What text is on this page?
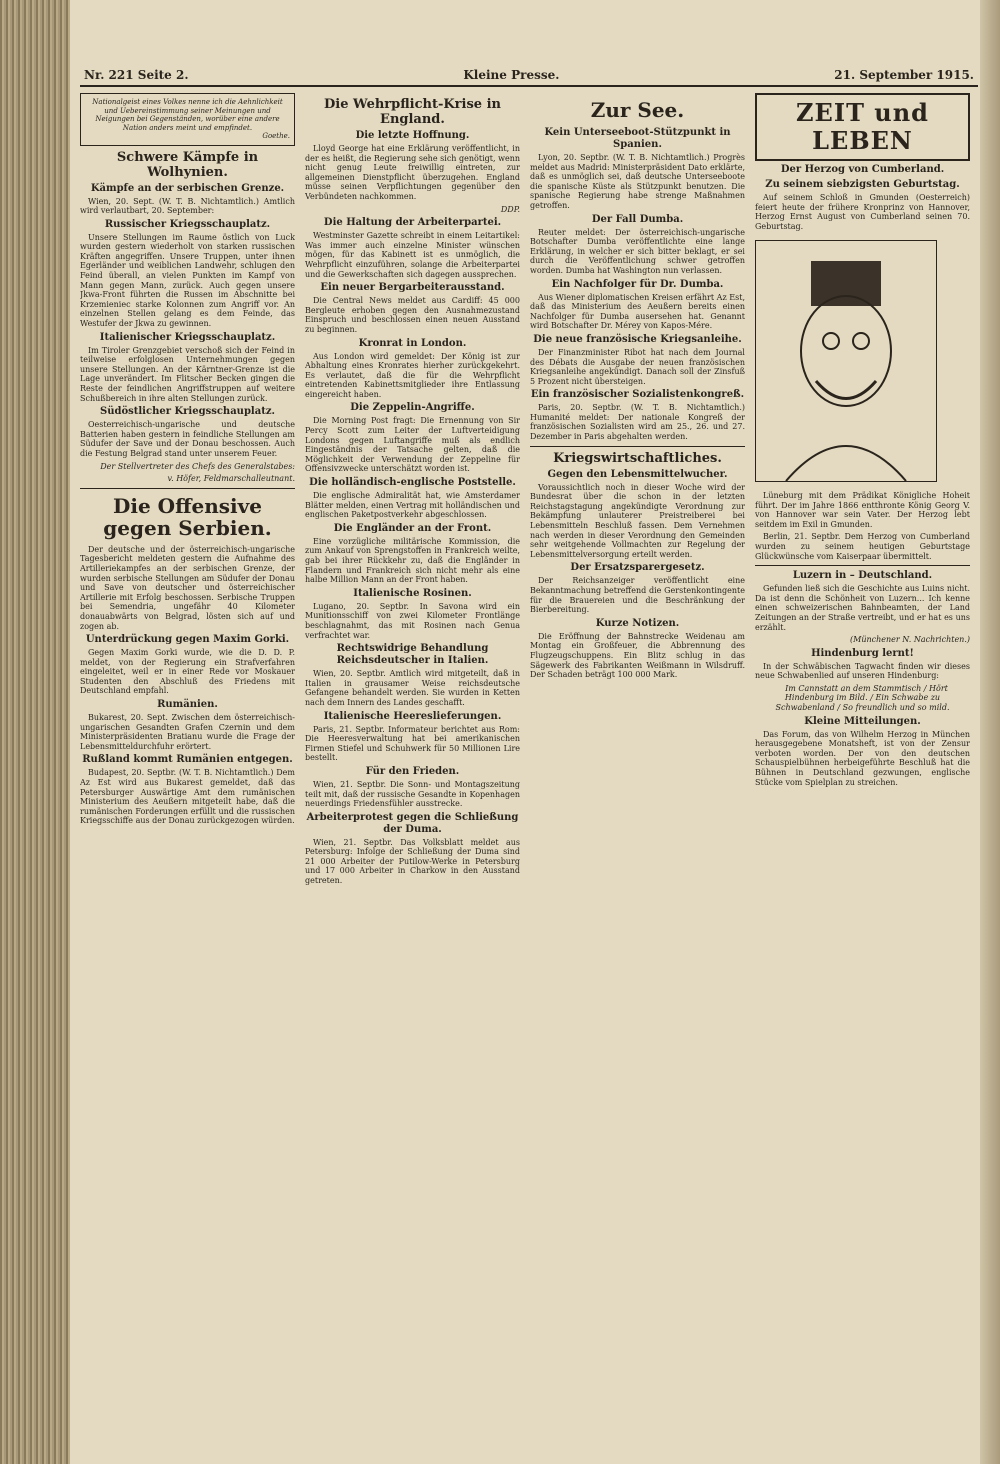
Nr. 221 Seite 2.	Kleine Presse.	21. September 1915.
Nationalgeist eines Volkes nenne ich die Aehnlichkeit und Uebereinstimmung seiner Meinungen und Neigungen bei Gegenständen, worüber eine andere Nation anders meint und empfindet.
Goethe.
Schwere Kämpfe in Wolhynien.
Kämpfe an der serbischen Grenze.

Wien, 20. Sept. (W. T. B. Nichtamtlich.) Amtlich wird verlautbart, 20. September:

Russischer Kriegsschauplatz.

Unsere Stellungen im Raume östlich von Luck wurden gestern wiederholt von starken russischen Kräften angegriffen. Unsere Truppen, unter ihnen Egerländer und weiblichen Landwehr, schlugen den Feind überall, an vielen Punkten im Kampf von Mann gegen Mann, zurück. Auch gegen unsere Jkwa-Front führten die Russen im Abschnitte bei Krzemieniec starke Kolonnen zum Angriff vor. An einzelnen Stellen gelang es dem Feinde, das Westufer der Jkwa zu gewinnen.

Italienischer Kriegsschauplatz.

Im Tiroler Grenzgebiet verschoß sich der Feind in teilweise erfolglosen Unternehmungen gegen unsere Stellungen. An der Kärntner-Grenze ist die Lage unverändert. Im Flitscher Becken gingen die Reste der feindlichen Angriffstruppen auf weitere Schußbereich in ihre alten Stellungen zurück.

Südöstlicher Kriegsschauplatz.

Oesterreichisch-ungarische und deutsche Batterien haben gestern in feindliche Stellungen am Südufer der Save und der Donau beschossen. Auch die Festung Belgrad stand unter unserem Feuer.

Der Stellvertreter des Chefs des Generalstabes:

v. Höfer, Feldmarschalleutnant.

Die Offensive gegen Serbien.

Der deutsche und der österreichisch-ungarische Tagesbericht meldeten gestern die Aufnahme des Artilleriekampfes an der serbischen Grenze, der wurden serbische Stellungen am Südufer der Donau und Save von deutscher und österreichischer Artillerie mit Erfolg beschossen. Serbische Truppen bei Semendria, ungefähr 40 Kilometer donauabwärts von Belgrad, lösten sich auf und zogen ab.

Unterdrückung gegen Maxim Gorki.

Gegen Maxim Gorki wurde, wie die D. D. P. meldet, von der Regierung ein Strafverfahren eingeleitet, weil er in einer Rede vor Moskauer Studenten den Abschluß des Friedens mit Deutschland empfahl.

Rumänien.

Bukarest, 20. Sept. Zwischen dem österreichisch-ungarischen Gesandten Grafen Czernin und dem Ministerpräsidenten Bratianu wurde die Frage der Lebensmitteldurchfuhr erörtert.

Rußland kommt Rumänien entgegen.

Budapest, 20. Septbr. (W. T. B. Nichtamtlich.) Dem Az Est wird aus Bukarest gemeldet, daß das Petersburger Auswärtige Amt dem rumänischen Ministerium des Aeußern mitgeteilt habe, daß die rumänischen Forderungen erfüllt und die russischen Kriegsschiffe aus der Donau zurückgezogen würden.

Die Wehrpflicht-Krise in England.
Die letzte Hoffnung.

Lloyd George hat eine Erklärung veröffentlicht, in der es heißt, die Regierung sehe sich genötigt, wenn nicht genug Leute freiwillig eintreten, zur allgemeinen Dienstpflicht überzugehen. England müsse seinen Verpflichtungen gegenüber den Verbündeten nachkommen.

DDP.

Die Haltung der Arbeiterpartei.

Westminster Gazette schreibt in einem Leitartikel: Was immer auch einzelne Minister wünschen mögen, für das Kabinett ist es unmöglich, die Wehrpflicht einzuführen, solange die Arbeiterpartei und die Gewerkschaften sich dagegen aussprechen.

Ein neuer Bergarbeiterausstand.

Die Central News meldet aus Cardiff: 45 000 Bergleute erhoben gegen den Ausnahmezustand Einspruch und beschlossen einen neuen Ausstand zu beginnen.

Kronrat in London.

Aus London wird gemeldet: Der König ist zur Abhaltung eines Kronrates hierher zurückgekehrt. Es verlautet, daß die für die Wehrpflicht eintretenden Kabinettsmitglieder ihre Entlassung eingereicht haben.

Die Zeppelin-Angriffe.

Die Morning Post fragt: Die Ernennung von Sir Percy Scott zum Leiter der Luftverteidigung Londons gegen Luftangriffe muß als endlich Eingeständnis der Tatsache gelten, daß die Möglichkeit der Verwendung der Zeppeline für Offensivzwecke unterschätzt worden ist.

Die holländisch-englische Poststelle.

Die englische Admiralität hat, wie Amsterdamer Blätter melden, einen Vertrag mit holländischen und englischen Paketpostverkehr abgeschlossen.

Die Engländer an der Front.

Eine vorzügliche militärische Kommission, die zum Ankauf von Sprengstoffen in Frankreich weilte, gab bei ihrer Rückkehr zu, daß die Engländer in Flandern und Frankreich sich nicht mehr als eine halbe Million Mann an der Front haben.

Italienische Rosinen.

Lugano, 20. Septbr. In Savona wird ein Munitionsschiff von zwei Kilometer Frontlänge beschlagnahmt, das mit Rosinen nach Genua verfrachtet war.

Rechtswidrige Behandlung Reichsdeutscher in Italien.

Wien, 20. Septbr. Amtlich wird mitgeteilt, daß in Italien in grausamer Weise reichsdeutsche Gefangene behandelt werden. Sie wurden in Ketten nach dem Innern des Landes geschafft.

Italienische Heereslieferungen.

Paris, 21. Septbr. Informateur berichtet aus Rom: Die Heeresverwaltung hat bei amerikanischen Firmen Stiefel und Schuhwerk für 50 Millionen Lire bestellt.

Für den Frieden.

Wien, 21. Septbr. Die Sonn- und Montagszeitung teilt mit, daß der russische Gesandte in Kopenhagen neuerdings Friedensfühler ausstrecke.

Arbeiterprotest gegen die Schließung der Duma.

Wien, 21. Septbr. Das Volksblatt meldet aus Petersburg: Infolge der Schließung der Duma sind 21 000 Arbeiter der Putilow-Werke in Petersburg und 17 000 Arbeiter in Charkow in den Ausstand getreten.

Zur See.
Kein Unterseeboot-Stützpunkt in Spanien.

Lyon, 20. Septbr. (W. T. B. Nichtamtlich.) Progrès meldet aus Madrid: Ministerpräsident Dato erklärte, daß es unmöglich sei, daß deutsche Unterseeboote die spanische Küste als Stützpunkt benutzen. Die spanische Regierung habe strenge Maßnahmen getroffen.

Der Fall Dumba.

Reuter meldet: Der österreichisch-ungarische Botschafter Dumba veröffentlichte eine lange Erklärung, in welcher er sich bitter beklagt, er sei durch die Veröffentlichung schwer getroffen worden. Dumba hat Washington nun verlassen.

Ein Nachfolger für Dr. Dumba.

Aus Wiener diplomatischen Kreisen erfährt Az Est, daß das Ministerium des Aeußern bereits einen Nachfolger für Dumba ausersehen hat. Genannt wird Botschafter Dr. Mérey von Kapos-Mére.

Die neue französische Kriegsanleihe.

Der Finanzminister Ribot hat nach dem Journal des Débats die Ausgabe der neuen französischen Kriegsanleihe angekündigt. Danach soll der Zinsfuß 5 Prozent nicht übersteigen.

Ein französischer Sozialistenkongreß.

Paris, 20. Septbr. (W. T. B. Nichtamtlich.) Humanité meldet: Der nationale Kongreß der französischen Sozialisten wird am 25., 26. und 27. Dezember in Paris abgehalten werden.

Kriegswirtschaftliches.
Gegen den Lebensmittelwucher.

Voraussichtlich noch in dieser Woche wird der Bundesrat über die schon in der letzten Reichstagstagung angekündigte Verordnung zur Bekämpfung unlauterer Preistreiberei bei Lebensmitteln Beschluß fassen. Dem Vernehmen nach werden in dieser Verordnung den Gemeinden sehr weitgehende Vollmachten zur Regelung der Lebensmittelversorgung erteilt werden.

Der Ersatzsparergesetz.

Der Reichsanzeiger veröffentlicht eine Bekanntmachung betreffend die Gerstenkontingente für die Brauereien und die Beschränkung der Bierbereitung.

Kurze Notizen.

Die Eröffnung der Bahnstrecke Weidenau am Montag ein Großfeuer, die Abbrennung des Flugzeugschuppens. Ein Blitz schlug in das Sägewerk des Fabrikanten Weißmann in Wilsdruff. Der Schaden beträgt 100 000 Mark.

ZEIT und LEBEN
Der Herzog von Cumberland.
Zu seinem siebzigsten Geburtstag.

Auf seinem Schloß in Gmunden (Oesterreich) feiert heute der frühere Kronprinz von Hannover, Herzog Ernst August von Cumberland seinen 70. Geburtstag.

Lüneburg mit dem Prädikat Königliche Hoheit führt. Der im Jahre 1866 entthronte König Georg V. von Hannover war sein Vater. Der Herzog lebt seitdem im Exil in Gmunden.

Berlin, 21. Septbr. Dem Herzog von Cumberland wurden zu seinem heutigen Geburtstage Glückwünsche vom Kaiserpaar übermittelt.

Luzern in – Deutschland.

Gefunden ließ sich die Geschichte aus Luins nicht. Da ist denn die Schönheit von Luzern... Ich kenne einen schweizerischen Bahnbeamten, der Land Zeitungen an der Straße vertreibt, und er hat es uns erzählt.

(Münchener N. Nachrichten.)

Hindenburg lernt!

In der Schwäbischen Tagwacht finden wir dieses neue Schwabenlied auf unseren Hindenburg:

Im Cannstatt an dem Stammtisch / Hört Hindenburg im Bild. / Ein Schwabe zu Schwabenland / So freundlich und so mild.

Kleine Mitteilungen.

Das Forum, das von Wilhelm Herzog in München herausgegebene Monatsheft, ist von der Zensur verboten worden. Der von den deutschen Schauspielbühnen herbeigeführte Beschluß hat die Bühnen in Deutschland gezwungen, englische Stücke vom Spielplan zu streichen.
